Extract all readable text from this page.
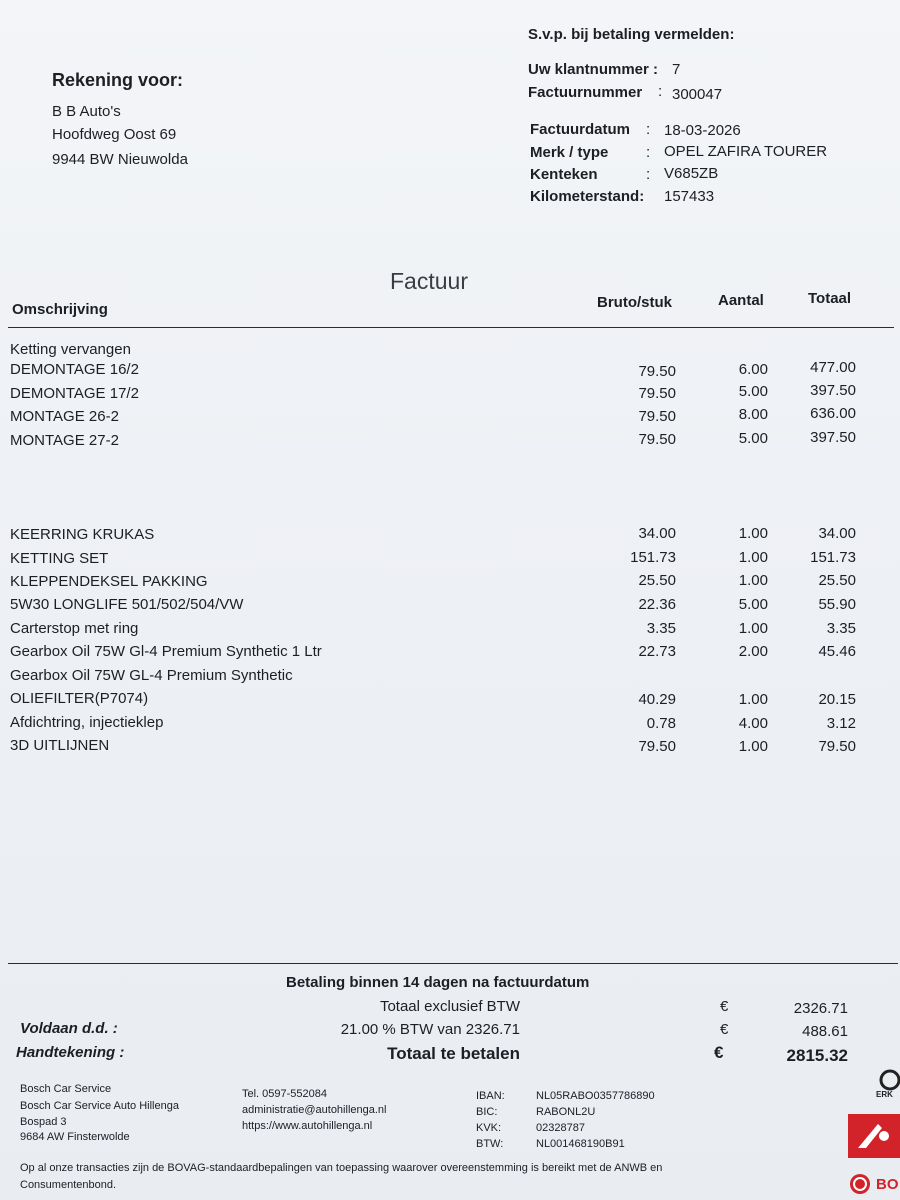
S.v.p. bij betaling vermelden:
Uw klantnummer : 7
Factuurnummer : 300047
Rekening voor:
B B Auto's
Hoofdweg Oost 69
9944 BW Nieuwolda
Factuurdatum : 18-03-2026
Merk / type	: OPEL ZAFIRA TOURER
Kenteken	: V685ZB
Kilometerstand: 157433
Factuur
Omschrijving	Bruto/stuk	Aantal	Totaal
Ketting vervangen
DEMONTAGE 16/2	79.50	6.00	477.00
DEMONTAGE 17/2	79.50	5.00	397.50
MONTAGE 26-2	79.50	8.00	636.00
MONTAGE 27-2	79.50	5.00	397.50
KEERRING KRUKAS	34.00	1.00	34.00
KETTING SET	151.73	1.00	151.73
KLEPPENDEKSEL PAKKING	25.50	1.00	25.50
5W30 LONGLIFE 501/502/504/VW	22.36	5.00	55.90
Carterstop met ring	3.35	1.00	3.35
Gearbox Oil 75W Gl-4 Premium Synthetic 1 Ltr	22.73	2.00	45.46
Gearbox Oil 75W GL-4 Premium Synthetic
OLIEFILTER(P7074)	40.29	1.00	20.15
Afdichtring, injectieklep	0.78	4.00	3.12
3D UITLIJNEN	79.50	1.00	79.50
Betaling binnen 14 dagen na factuurdatum
Totaal exclusief BTW	€	2326.71
21.00 % BTW van 2326.71	€	488.61
Totaal te betalen	€	2815.32
Voldaan d.d. :
Handtekening :
Bosch Car Service
Bosch Car Service Auto Hillenga
Bospad 3
9684 AW Finsterwolde
Tel. 0597-552084
administratie@autohillenga.nl
https://www.autohillenga.nl
IBAN:	NL05RABO0357786890
BIC:	RABONL2U
KVK:	02328787
BTW:	NL001468190B91
Op al onze transacties zijn de BOVAG-standaardbepalingen van toepassing waarover overeenstemming is bereikt met de ANWB en Consumentenbond.
ERK
BO
